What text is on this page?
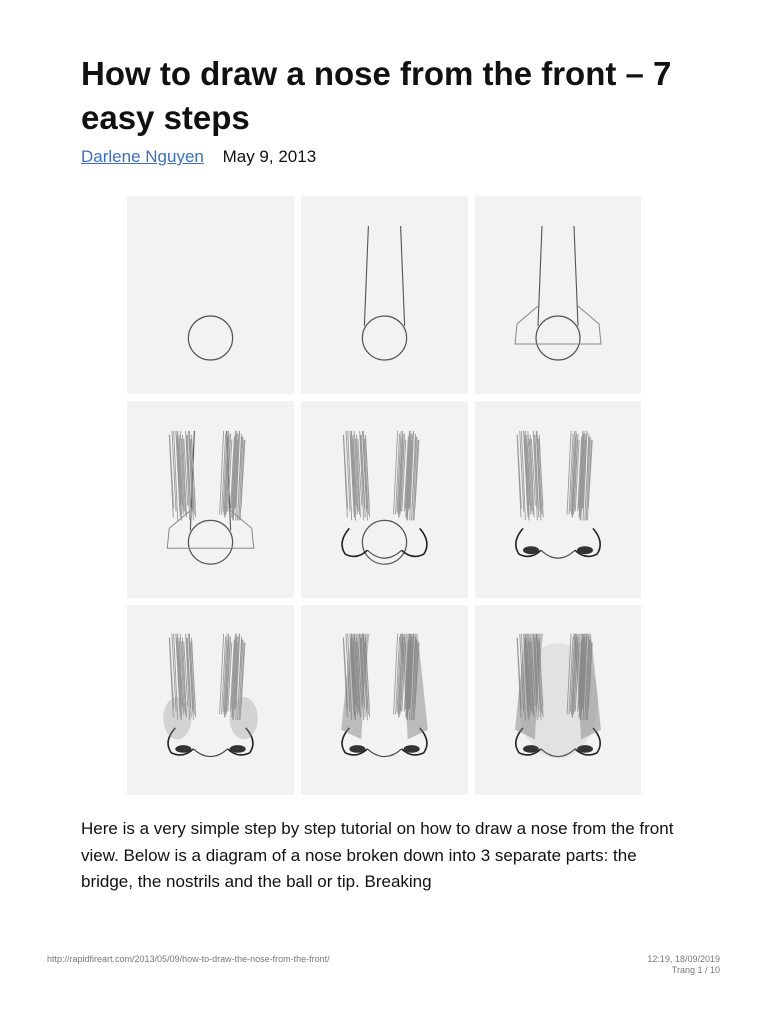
How to draw a nose from the front – 7 easy steps
Darlene Nguyen May 9, 2013

Here is a very simple step by step tutorial on how to draw a nose from the front view. Below is a diagram of a nose broken down into 3 separate parts: the bridge, the nostrils and the ball or tip. Breaking

http://rapidfireart.com/2013/05/09/how-to-draw-the-nose-from-the-front/	12:19, 18/09/2019
Trang 1 / 10
